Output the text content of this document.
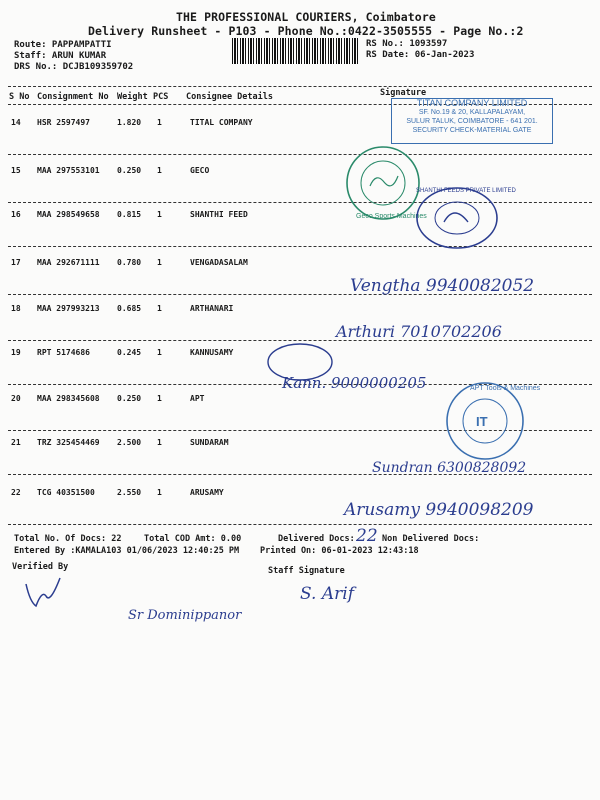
THE PROFESSIONAL COURIERS, Coimbatore
Delivery Runsheet - P103 - Phone No.:0422-3505555 - Page No.:2
Route: PAPPAMPATTI
Staff: ARUN KUMAR
DRS No.: DCJB109359702
RS No.: 1093597
RS Date: 06-Jan-2023
S No Consignment No Weight PCS Consignee Details	Signature
14 HSR 2597497	1.820 1	TITAL COMPANY
15 MAA 297553101 0.250 1	GECO
16 MAA 298549658 0.815 1	SHANTHI FEED
17 MAA 292671111 0.780 1	VENGADASALAM
18 MAA 297993213 0.685 1	ARTHANARI
19 RPT 5174686	0.245 1	KANNUSAMY
20 MAA 298345608 0.250 1	APT
21 TRZ 325454469 2.500 1	SUNDARAM
22 TCG 40351500	2.550 1	ARUSAMY
Total No. Of Docs: 22	Total COD Amt: 0.00	Delivered Docs:	Non Delivered Docs:
Entered By :KAMALA103 01/06/2023 12:40:25 PM Printed On: 06-01-2023 12:43:18
Verified By	Staff Signature
TITAN COMPANY LIMITED
SF. No.19 & 20, KALLAPALAYAM,
SULUR TALUK, COIMBATORE - 641 201.
SECURITY CHECK-MATERIAL GATE
Geco Sports Machines
SHANTHI FEEDS PRIVATE LIMITED
IT
APT Tools & Machines
Vengtha 9940082052
Arthuri 7010702206
Kann. 9000000205
Sundran 6300828092
Arusamy 9940098209
22
S. Arif
Sr Dominippanor
